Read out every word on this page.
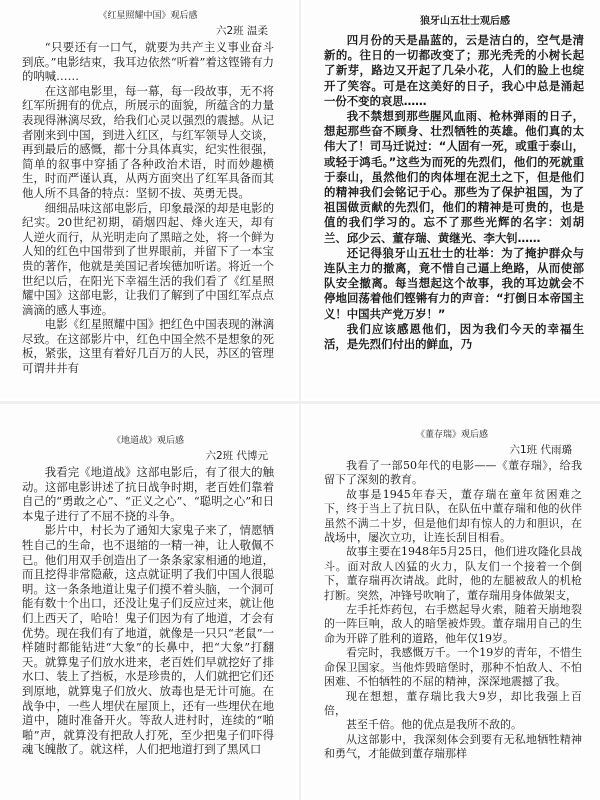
《红星照耀中国》观后感
六2班 温柔

“只要还有一口气，就要为共产主义事业奋斗到底。”电影结束，我耳边依然“听着”着这铿锵有力的呐喊……

在这部电影里，每一幕，每一段故事，无不将红军所拥有的优点，所展示的面貌，所蕴含的力量表现得淋漓尽致，给我们心灵以强烈的震撼。从记者刚来到中国，到进入红区，与红军领导人交谈，再到最后的感慨，都十分具体真实，纪实性很强，简单的叙事中穿插了各种政治术语，时而妙趣横生，时而严谨认真，从两方面突出了红军具备而其他人所不具备的特点：坚韧不拔、英勇无畏。

细细品味这部电影后，印象最深的却是电影的纪实。20世纪初期，硝烟四起、烽火连天，却有人逆火而行，从光明走向了黑暗之处，将一个鲜为人知的红色中国带到了世界眼前，并留下了一本宝贵的著作，他就是美国记者埃德加听诺。将近一个世纪以后，在阳光下幸福生活的我们看了《红星照耀中国》这部电影，让我们了解到了中国红军点点滴滴的感人事迹。

电影《红星照耀中国》把红色中国表现的淋漓尽致。在这部影片中，红色中国全然不是想象的死板，紧张，这里有着好几百万的人民，苏区的管理可谓井井有

狼牙山五壮士观后感

四月份的天是晶蓝的，云是洁白的，空气是清新的。往日的一切都改变了；那光秃秃的小树长起了新芽，路边又开起了几朵小花，人们的脸上也绽开了笑容。可是在这美好的日子，我心中总是涌起一份不变的哀思……

我不禁想到那些腥风血雨、枪林弹雨的日子，想起那些奋不顾身、壮烈牺牲的英雄。他们真的太伟大了！司马迁说过：“人固有一死，或重于泰山，或轻于鸿毛。”这些为而死的先烈们，他们的死就重于泰山，虽然他们的肉体埋在泥土之下，但是他们的精神我们会铭记于心。那些为了保护祖国，为了祖国做贡献的先烈们，他们的精神是可贵的，也是值的我们学习的。忘不了那些光辉的名字：刘胡兰、邱少云、董存瑞、黄继光、李大钊……

还记得狼牙山五壮士的壮举：为了掩护群众与连队主力的撤离，竟不惜自己逼上绝路，从而使部队安全撤离。每当想起这个故事，我的耳边就会不停地回荡着他们铿锵有力的声音：“打倒日本帝国主义！中国共产党万岁！”

我们应该感恩他们，因为我们今天的幸福生活，是先烈们付出的鲜血，乃

《地道战》观后感
六2班 代博元

我看完《地道战》这部电影后，有了很大的触动。这部电影讲述了抗日战争时期，老百姓们靠着自己的“勇敢之心”、“正义之心”、“聪明之心”和日本鬼子进行了不屈不挠的斗争。

影片中，村长为了通知大家鬼子来了，情愿牺牲自己的生命，也不退缩的一精一神，让人敬佩不已。他们用双手创造出了一条条家家相通的地道，而且挖得非常隐蔽，这点就证明了我们中国人很聪明。这一条条地道让鬼子们摸不着头脑，一个洞可能有数十个出口，还没让鬼子们反应过来，就让他们上西天了，哈哈！鬼子们因为有了地道，才会有优势。现在我们有了地道，就像是一只只“老鼠”一样随时都能钻进“大象”的长鼻中，把“大象”打翻天。就算鬼子们放水进来，老百姓们早就挖好了排水口、装上了挡板，水是珍贵的，人们就把它们还到原地，就算鬼子们放火、放毒也是无计可施。在战争中，一些人埋伏在屋顶上，还有一些埋伏在地道中，随时准备开火。等敌人进村时，连续的“啪啪”声，就算没有把敌人打死，至少把鬼子们吓得魂飞魄散了。就这样，人们把地道打到了黑风口

《董存瑞》观后感
六1班 代雨璐

我看了一部50年代的电影——《董存瑞》，给我留下了深刻的教育。

故事是1945年春天，董存瑞在童年贫困难之下，终于当上了抗日队，在队伍中董存瑞和他的伙伴虽然不满二十岁，但是他们却有惊人的力和胆识，在战场中，屡次立功，让连长刮目相看。

故事主要在1948年5月25日，他们进攻隆化县战斗。面对敌人凶猛的火力，队友们一个接着一个倒下，董存瑞再次请战。此时，他的左腿被敌人的机枪打断。突然，冲锋号吹响了，董存瑞用身体做架支，

左手托炸药包，右手燃起导火索，随着天崩地裂的一阵巨响，敌人的暗堡被炸毁。董存瑞用自己的生命为开辟了胜利的道路，他年仅19岁。

看完时，我感慨万千。一个19岁的青年，不惜生命保卫国家。当他炸毁暗堡时，那种不怕敌人、不怕困难、不怕牺牲的不屈的精神，深深地震撼了我。

现在想想，董存瑞比我大9岁，却比我强上百倍，

甚至千倍。他的优点是我所不敌的。

从这部影中，我深刻体会到要有无私地牺牲精神和勇气，才能做到董存瑞那样
